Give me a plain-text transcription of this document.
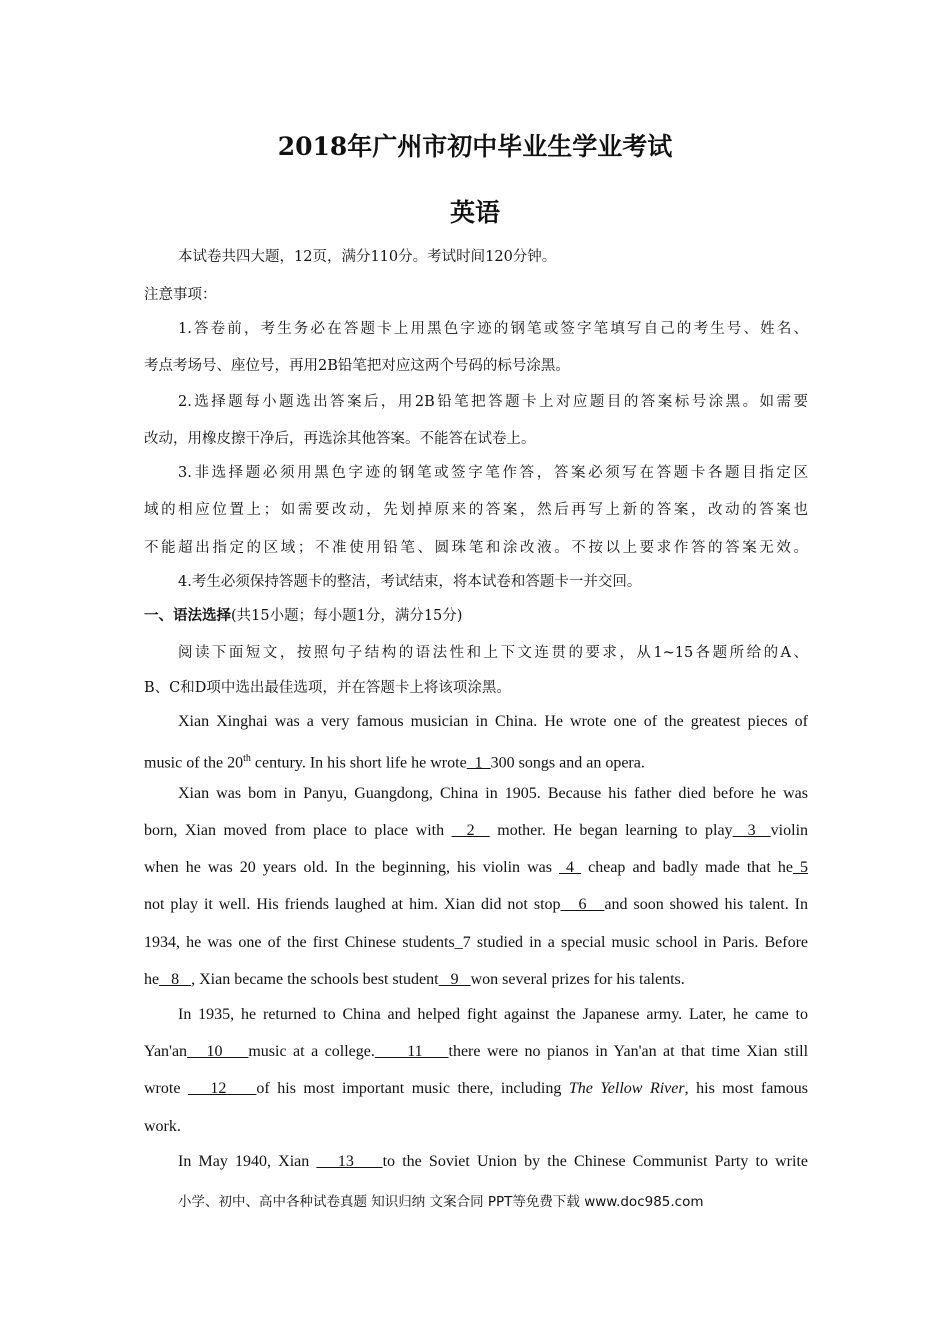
2018年广州市初中毕业生学业考试
英语
本试卷共四大题，12页，满分110分。考试时间120分钟。
注意事项：
1.答卷前，考生务必在答题卡上用黑色字迹的钢笔或签字笔填写自己的考生号、姓名、
考点考场号、座位号，再用2B铅笔把对应这两个号码的标号涂黑。
2.选择题每小题选出答案后，用2B铅笔把答题卡上对应题目的答案标号涂黑。如需要
改动，用橡皮擦干净后，再选涂其他答案。不能答在试卷上。
3.非选择题必须用黑色字迹的钢笔或签字笔作答，答案必须写在答题卡各题目指定区
域的相应位置上；如需要改动，先划掉原来的答案，然后再写上新的答案，改动的答案也
不能超出指定的区域；不准使用铅笔、圆珠笔和涂改液。不按以上要求作答的答案无效。
4.考生必须保持答题卡的整洁，考试结束，将本试卷和答题卡一并交回。
一、语法选择(共15小题；每小题1分，满分15分)
阅读下面短文，按照句子结构的语法性和上下文连贯的要求，从1~15各题所给的A、
B、C和D项中选出最佳选项，并在答题卡上将该项涂黑。
Xian Xinghai was a very famous musician in China. He wrote one of the greatest pieces of
music of the 20th century. In his short life he wrote  1  300 songs and an opera.
Xian was bom in Panyu, Guangdong, China in 1905. Because his father died before he was
born, Xian moved from place to place with   2   mother. He began learning to play  3  violin
when he was 20 years old. In the beginning, his violin was  4  cheap and badly made that he 5
not play it well. His friends laughed at him. Xian did not stop   6   and soon showed his talent. In
1934, he was one of the first Chinese students_7 studied in a special music school in Paris. Before
he   8   , Xian became the schools best student   9   won several prizes for his talents.
In 1935, he returned to China and helped fight against the Japanese army. Later, he came to
Yan'an   10    music at a college.     11    there were no pianos in Yan'an at that time Xian still
wrote    12    of his most important music there, including The Yellow River, his most famous
work.
In May 1940, Xian    13    to the Soviet Union by the Chinese Communist Party to write
小学、初中、高中各种试卷真题 知识归纳 文案合同 PPT等免费下载 www.doc985.com
